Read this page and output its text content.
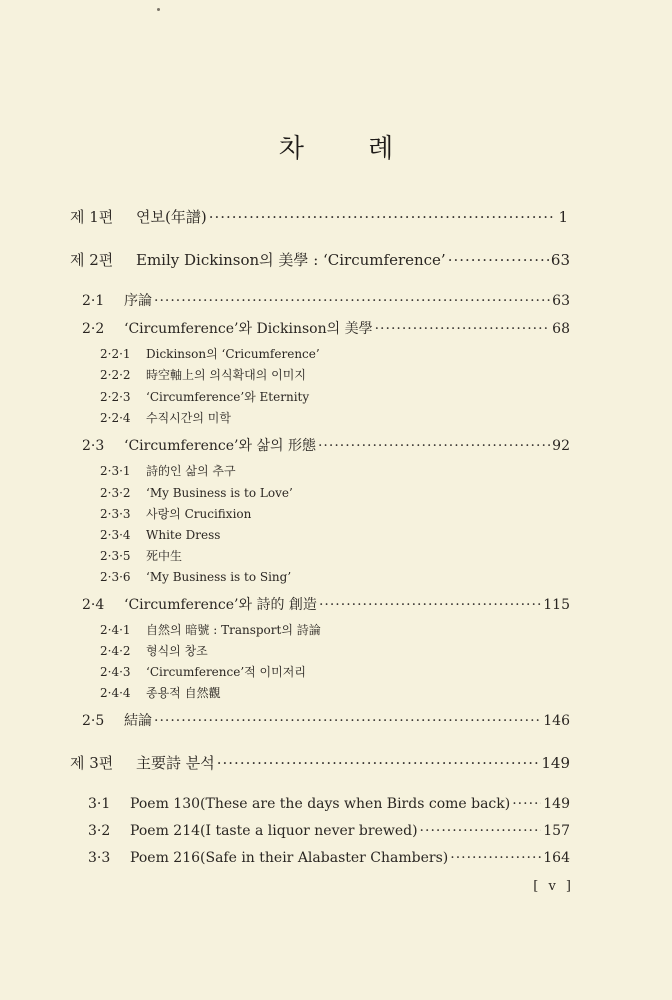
차 례
제 1편	연보(年譜) ·····	1
제 2편	Emily Dickinson의 美學 : ‘Circumference’ ·····	63
2·1	序論 ·····	63
2·2	‘Circumference’와 Dickinson의 美學 ·····	68
2·2·1	Dickinson의 ‘Cricumference’
2·2·2	時空軸上의 의식확대의 이미지
2·2·3	‘Circumference’와 Eternity
2·2·4	수직시간의 미학
2·3	‘Circumference’와 삶의 形態 ·····	92
2·3·1	詩的인 삶의 추구
2·3·2	‘My Business is to Love’
2·3·3	사랑의 Crucifixion
2·3·4	White Dress
2·3·5	死中生
2·3·6	‘My Business is to Sing’
2·4	‘Circumference’와 詩的 創造 ·····	115
2·4·1	自然의 暗號 : Transport의 詩論
2·4·2	형식의 창조
2·4·3	‘Circumference’적 이미저리
2·4·4	종용적 自然觀
2·5	結論 ·····	146
제 3편	主要詩 분석 ·····	149
3·1	Poem 130(These are the days when Birds come back) ····· 149
3·2	Poem 214(I taste a liquor never brewed) ·····	157
3·3	Poem 216(Safe in their Alabaster Chambers) ·····	164
[ v ]
